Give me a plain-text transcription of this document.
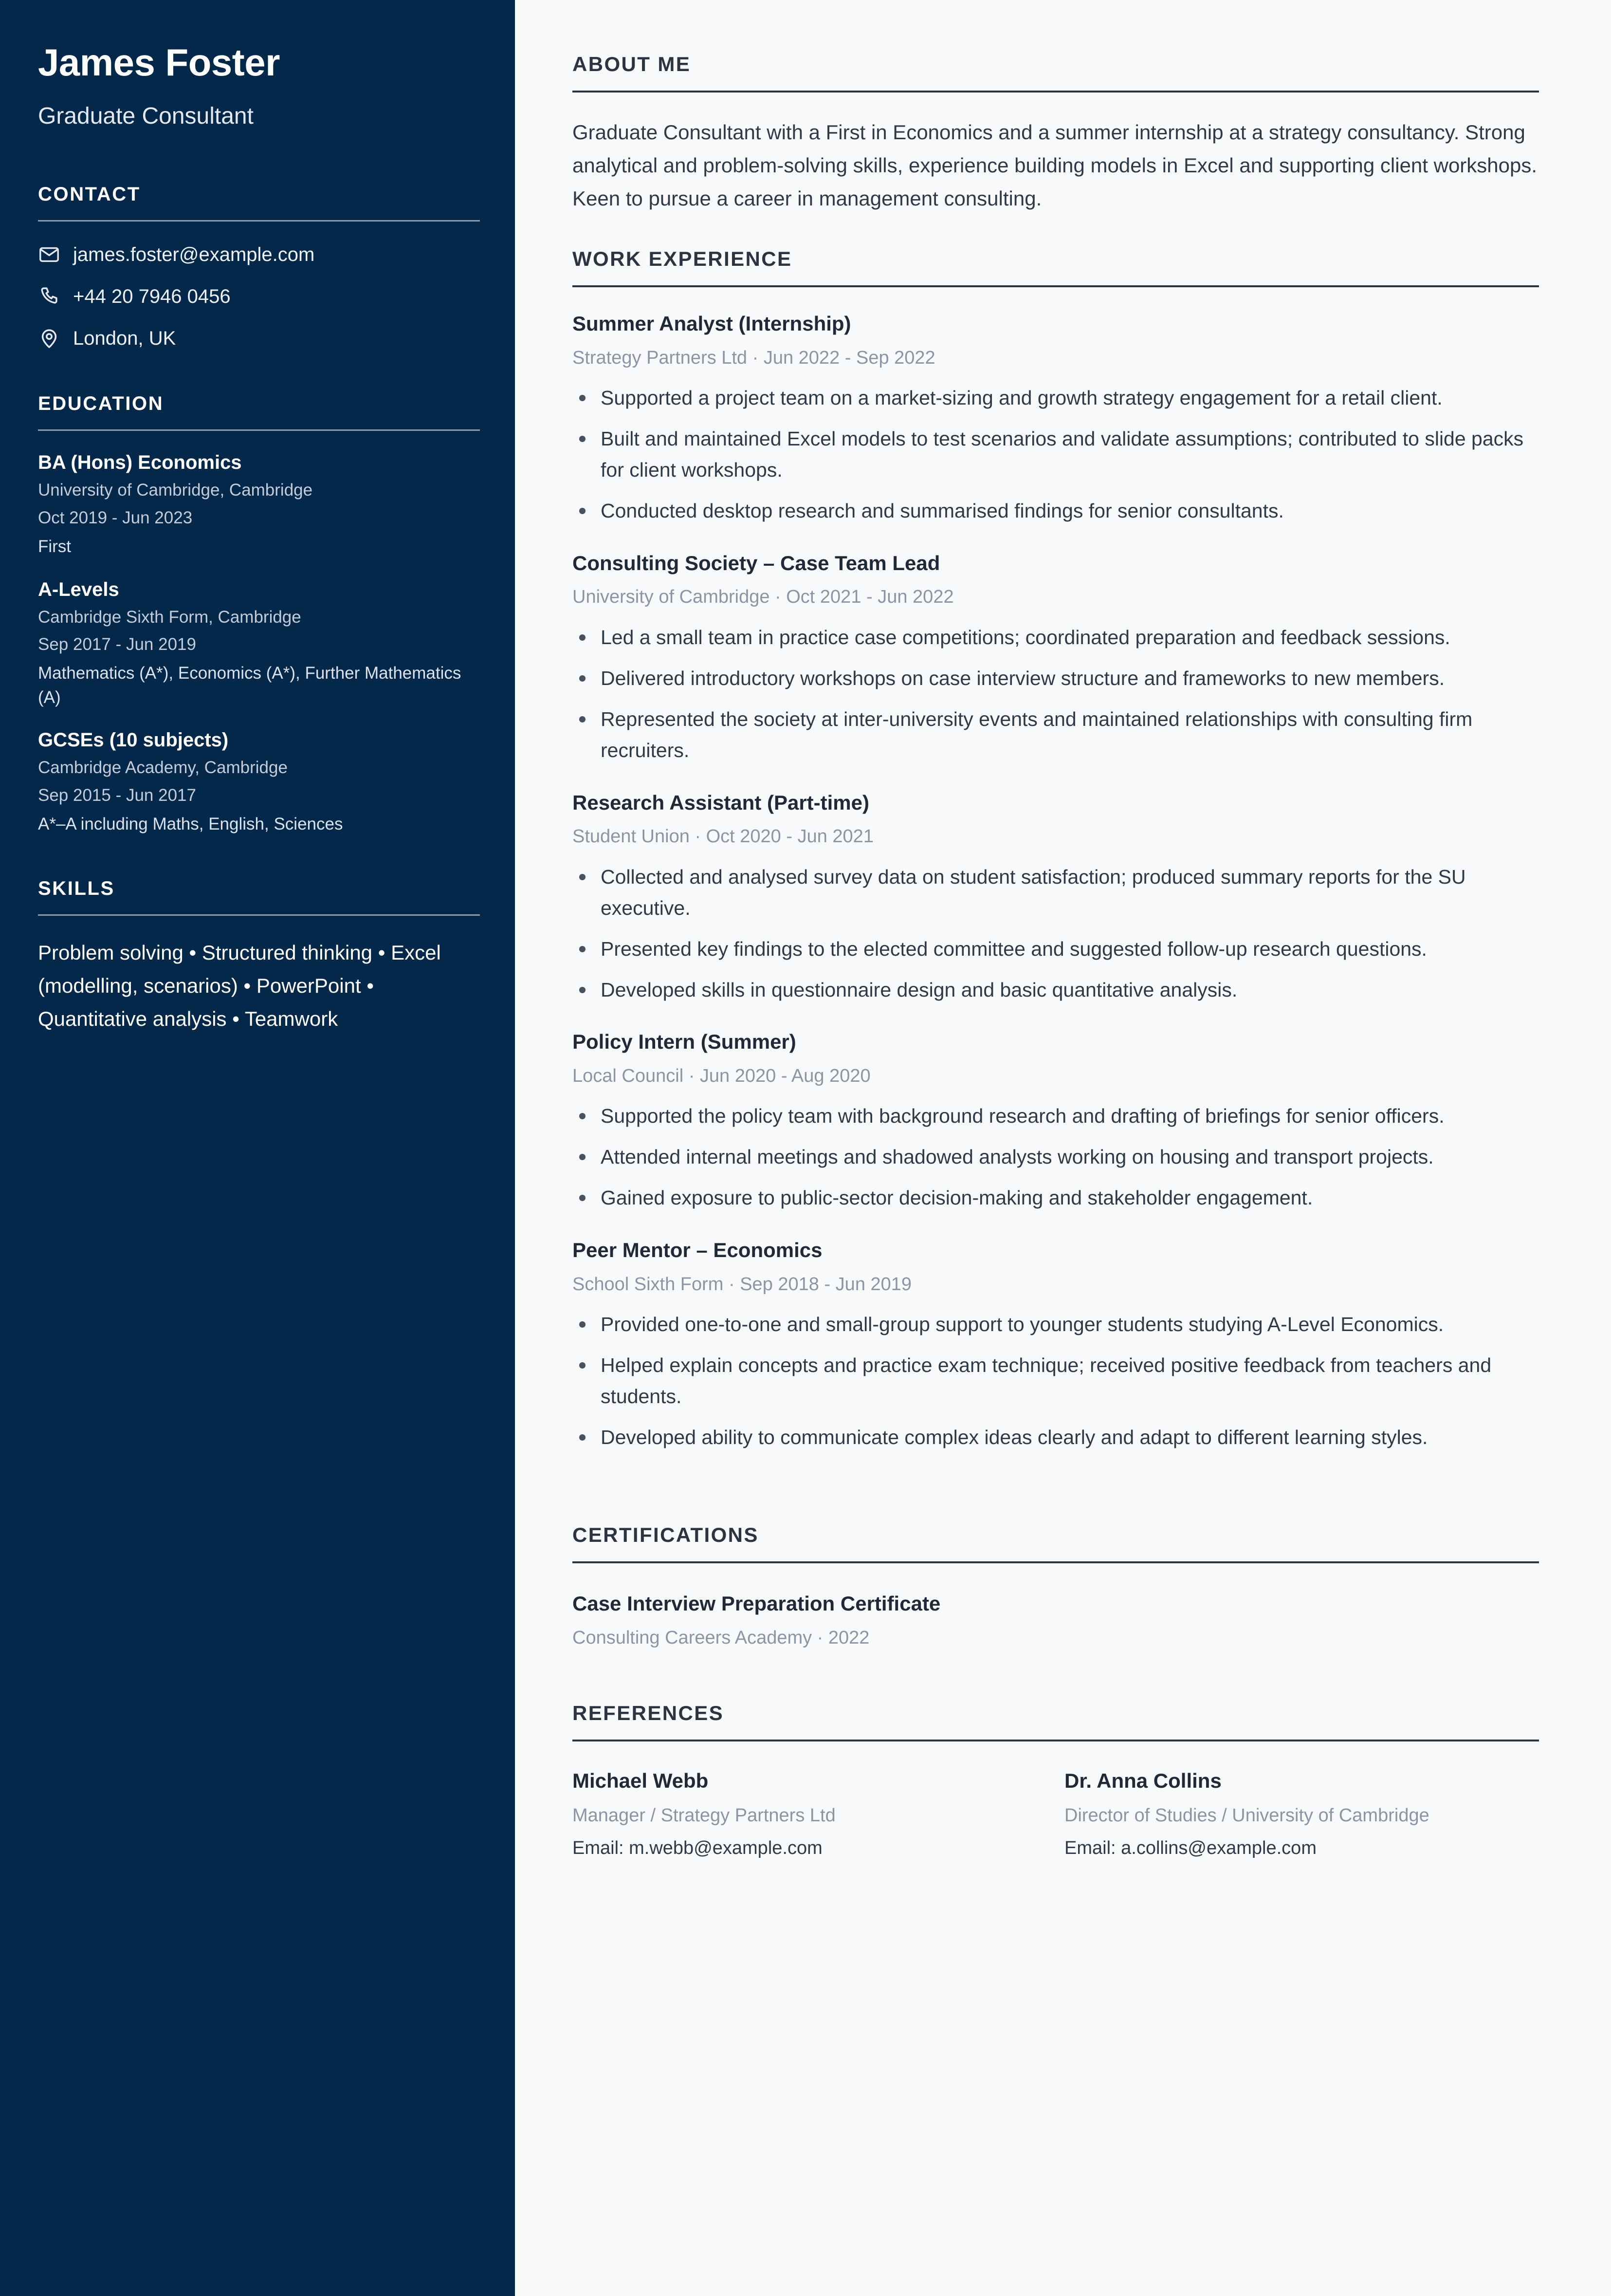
James Foster
Graduate Consultant
CONTACT
james.foster@example.com
+44 20 7946 0456
London, UK
EDUCATION
BA (Hons) Economics
University of Cambridge, Cambridge
Oct 2019 - Jun 2023
First
A-Levels
Cambridge Sixth Form, Cambridge
Sep 2017 - Jun 2019
Mathematics (A*), Economics (A*), Further Mathematics (A)
GCSEs (10 subjects)
Cambridge Academy, Cambridge
Sep 2015 - Jun 2017
A*–A including Maths, English, Sciences
SKILLS
Problem solving • Structured thinking • Excel (modelling, scenarios) • PowerPoint • Quantitative analysis • Teamwork
ABOUT ME

Graduate Consultant with a First in Economics and a summer internship at a strategy consultancy. Strong analytical and problem-solving skills, experience building models in Excel and supporting client workshops. Keen to pursue a career in management consulting.

WORK EXPERIENCE
Summer Analyst (Internship)
Strategy Partners Ltd · Jun 2022 - Sep 2022
Supported a project team on a market-sizing and growth strategy engagement for a retail client.
Built and maintained Excel models to test scenarios and validate assumptions; contributed to slide packs for client workshops.
Conducted desktop research and summarised findings for senior consultants.
Consulting Society – Case Team Lead
University of Cambridge · Oct 2021 - Jun 2022
Led a small team in practice case competitions; coordinated preparation and feedback sessions.
Delivered introductory workshops on case interview structure and frameworks to new members.
Represented the society at inter-university events and maintained relationships with consulting firm recruiters.
Research Assistant (Part-time)
Student Union · Oct 2020 - Jun 2021
Collected and analysed survey data on student satisfaction; produced summary reports for the SU executive.
Presented key findings to the elected committee and suggested follow-up research questions.
Developed skills in questionnaire design and basic quantitative analysis.
Policy Intern (Summer)
Local Council · Jun 2020 - Aug 2020
Supported the policy team with background research and drafting of briefings for senior officers.
Attended internal meetings and shadowed analysts working on housing and transport projects.
Gained exposure to public-sector decision-making and stakeholder engagement.
Peer Mentor – Economics
School Sixth Form · Sep 2018 - Jun 2019
Provided one-to-one and small-group support to younger students studying A-Level Economics.
Helped explain concepts and practice exam technique; received positive feedback from teachers and students.
Developed ability to communicate complex ideas clearly and adapt to different learning styles.
CERTIFICATIONS
Case Interview Preparation Certificate
Consulting Careers Academy · 2022
REFERENCES
Michael Webb
Manager / Strategy Partners Ltd
Email: m.webb@example.com
Dr. Anna Collins
Director of Studies / University of Cambridge
Email: a.collins@example.com
